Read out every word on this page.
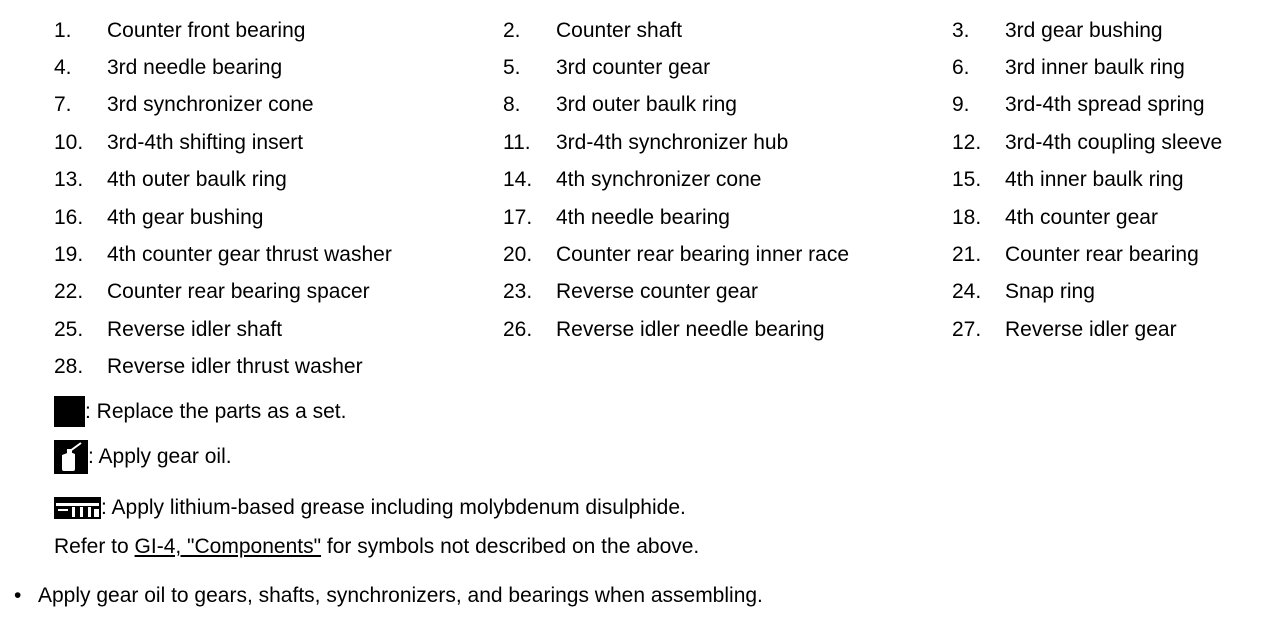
1.	Counter front bearing	2.	Counter shaft	3.	3rd gear bushing
4.	3rd needle bearing	5.	3rd counter gear	6.	3rd inner baulk ring
7.	3rd synchronizer cone	8.	3rd outer baulk ring	9.	3rd-4th spread spring
10.	3rd-4th shifting insert	11.	3rd-4th synchronizer hub	12.	3rd-4th coupling sleeve
13.	4th outer baulk ring	14.	4th synchronizer cone	15.	4th inner baulk ring
16.	4th gear bushing	17.	4th needle bearing	18.	4th counter gear
19.	4th counter gear thrust washer	20.	Counter rear bearing inner race	21.	Counter rear bearing
22.	Counter rear bearing spacer	23.	Reverse counter gear	24.	Snap ring
25.	Reverse idler shaft	26.	Reverse idler needle bearing	27.	Reverse idler gear
28.	Reverse idler thrust washer
: Replace the parts as a set.
: Apply gear oil.
: Apply lithium-based grease including molybdenum disulphide.
Refer to GI-4, "Components" for symbols not described on the above.
• Apply gear oil to gears, shafts, synchronizers, and bearings when assembling.
